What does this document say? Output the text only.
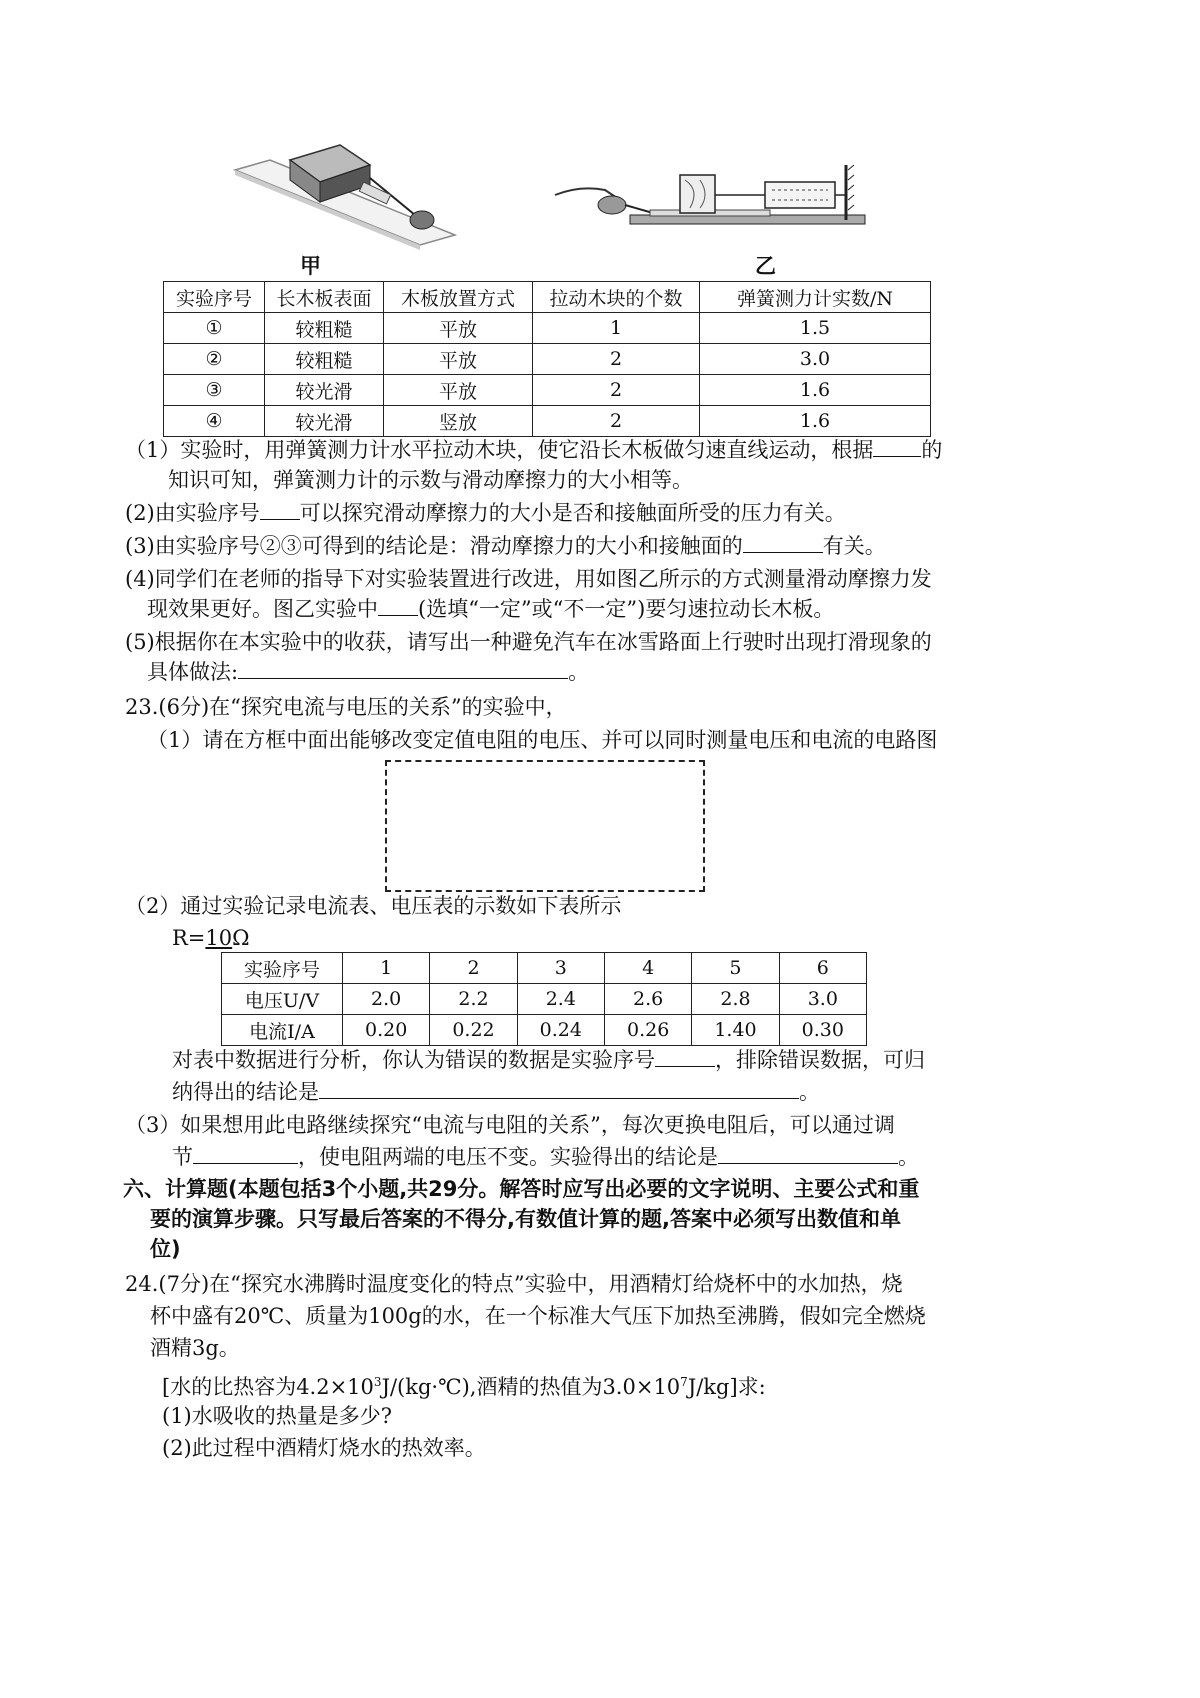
甲	乙
实验序号	长木板表面	木板放置方式	拉动木块的个数	弹簧测力计实数/N
①	较粗糙	平放	1	1.5
②	较粗糙	平放	2	3.0
③	较光滑	平放	2	1.6
④	较光滑	竖放	2	1.6
（1）实验时，用弹簧测力计水平拉动木块，使它沿长木板做匀速直线运动，根据 的
知识可知，弹簧测力计的示数与滑动摩擦力的大小相等。
(2)由实验序号 可以探究滑动摩擦力的大小是否和接触面所受的压力有关。
(3)由实验序号②③可得到的结论是：滑动摩擦力的大小和接触面的	有关。
(4)同学们在老师的指导下对实验装置进行改进，用如图乙所示的方式测量滑动摩擦力发
现效果更好。图乙实验中 (选填“一定”或“不一定”)要匀速拉动长木板。
(5)根据你在本实验中的收获，请写出一种避免汽车在冰雪路面上行驶时出现打滑现象的
具体做法:	。
23.(6分)在“探究电流与电压的关系”的实验中，
（1）请在方框中面出能够改变定值电阻的电压、并可以同时测量电压和电流的电路图
（2）通过实验记录电流表、电压表的示数如下表所示
R=10Ω
实验序号	1	2	3	4	5	6
电压U/V	2.0	2.2	2.4	2.6	2.8	3.0
电流I/A	0.20	0.22	0.24	0.26	1.40	0.30
对表中数据进行分析，你认为错误的数据是实验序号	，排除错误数据，可归
纳得出的结论是	。
（3）如果想用此电路继续探究“电流与电阻的关系”，每次更换电阻后，可以通过调
节	，使电阻两端的电压不变。实验得出的结论是	。
六、计算题(本题包括3个小题,共29分。解答时应写出必要的文字说明、主要公式和重
要的演算步骤。只写最后答案的不得分,有数值计算的题,答案中必须写出数值和单
位)
24.(7分)在“探究水沸腾时温度变化的特点”实验中，用酒精灯给烧杯中的水加热，烧
杯中盛有20℃、质量为100g的水，在一个标准大气压下加热至沸腾，假如完全燃烧
酒精3g。
[水的比热容为$4.2\times 10^3J/(kg\cdot℃)$,酒精的热值为$3.0\times 10^7J/kg$]求:
(1)水吸收的热量是多少?
(2)此过程中酒精灯烧水的热效率。
